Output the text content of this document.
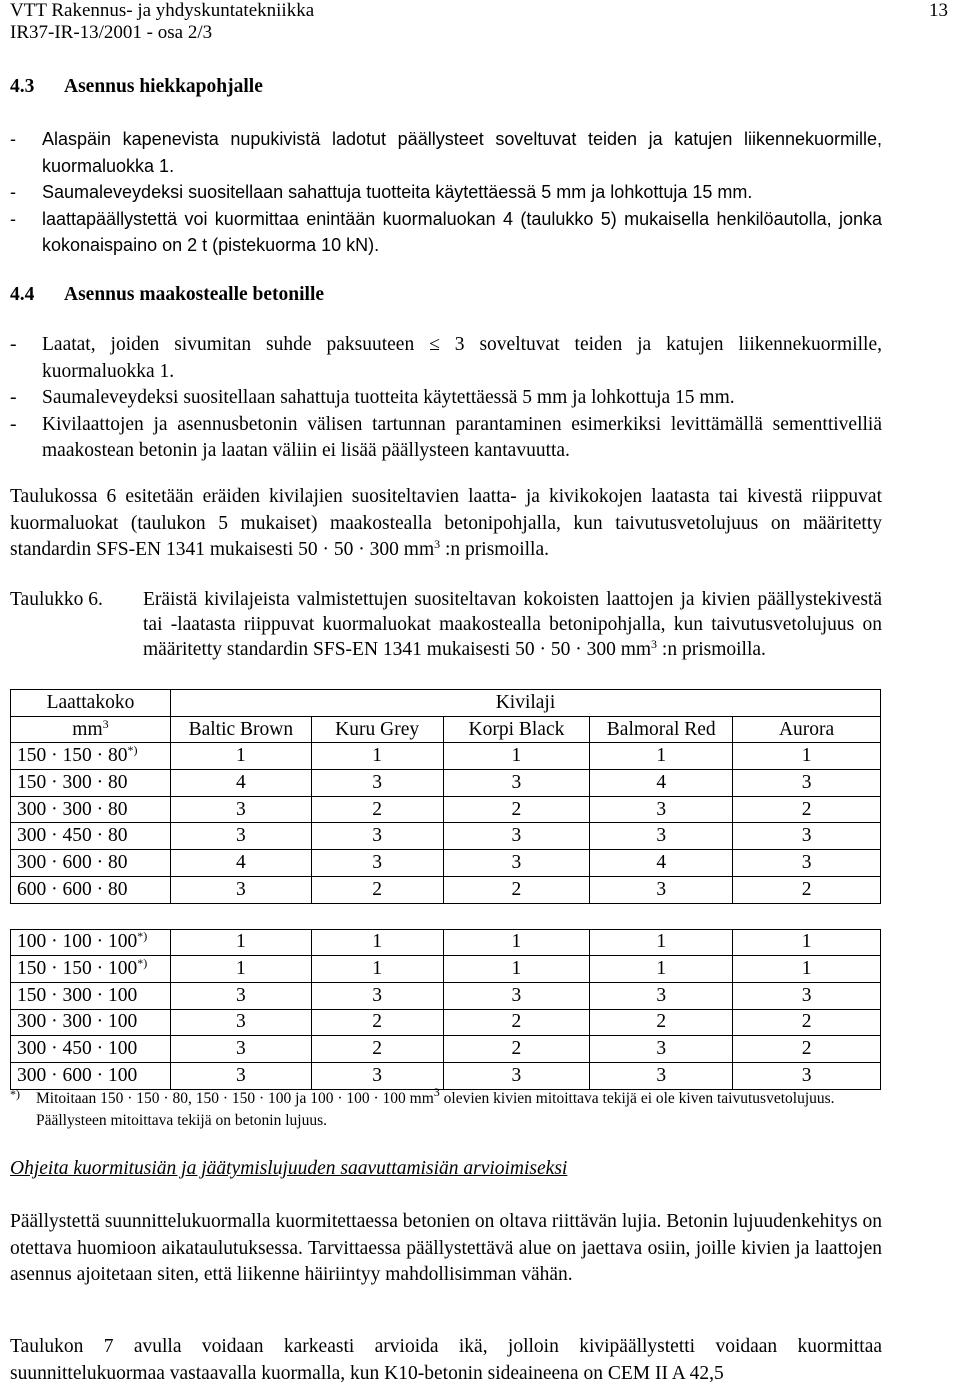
VTT Rakennus- ja yhdyskuntatekniikka
IR37-IR-13/2001 - osa 2/3
13
4.3 Asennus hiekkapohjalle
- Alaspäin kapenevista nupukivistä ladotut päällysteet soveltuvat teiden ja katujen liikennekuormille, kuormaluokka 1.
- Saumaleveydeksi suositellaan sahattuja tuotteita käytettäessä 5 mm ja lohkottuja 15 mm.
- laattapäällystettä voi kuormittaa enintään kuormaluokan 4 (taulukko 5) mukaisella henkilöautolla, jonka kokonaispaino on 2 t (pistekuorma 10 kN).
4.4 Asennus maakostealle betonille
- Laatat, joiden sivumitan suhde paksuuteen ≤ 3 soveltuvat teiden ja katujen liikennekuormille, kuormaluokka 1.
- Saumaleveydeksi suositellaan sahattuja tuotteita käytettäessä 5 mm ja lohkottuja 15 mm.
- Kivilaattojen ja asennusbetonin välisen tartunnan parantaminen esimerkiksi levittämällä sementtivelliä maakostean betonin ja laatan väliin ei lisää päällysteen kantavuutta.
Taulukossa 6 esitetään eräiden kivilajien suositeltavien laatta- ja kivikokojen laatasta tai kivestä riippuvat kuormaluokat (taulukon 5 mukaiset) maakostealla betonipohjalla, kun taivutusvetolujuus on määritetty standardin SFS-EN 1341 mukaisesti 50 · 50 · 300 $mm^3$ :n prismoilla.
Taulukko 6. Eräistä kivilajeista valmistettujen suositeltavan kokoisten laattojen ja kivien päällystekivestä tai -laatasta riippuvat kuormaluokat maakostealla betonipohjalla, kun taivutusvetolujuus on määritetty standardin SFS-EN 1341 mukaisesti 50 · 50 · 300 $mm^3$ :n prismoilla.
Laattakoko	Kivilaji				
$mm^3$	Baltic Brown	Kuru Grey	Korpi Black	Balmoral Red	Aurora
150 · 150 · 80*)	1	1	1	1	1
150 · 300 · 80	4	3	3	4	3
300 · 300 · 80	3	2	2	3	2
300 · 450 · 80	3	3	3	3	3
300 · 600 · 80	4	3	3	4	3
600 · 600 · 80	3	2	2	3	2

100 · 100 · 100*)	1	1	1	1	1
150 · 150 · 100*)	1	1	1	1	1
150 · 300 · 100	3	3	3	3	3
300 · 300 · 100	3	2	2	2	2
300 · 450 · 100	3	2	2	3	2
300 · 600 · 100	3	3	3	3	3
*) Mitoitaan 150 · 150 · 80, 150 · 150 · 100 ja 100 · 100 · 100 $mm^3$ olevien kivien mitoittava tekijä ei ole kiven taivutusvetolujuus. Päällysteen mitoittava tekijä on betonin lujuus.
Ohjeita kuormitusiän ja jäätymislujuuden saavuttamisiän arvioimiseksi
Päällystettä suunnittelukuormalla kuormitettaessa betonien on oltava riittävän lujia. Betonin lujuudenkehitys on otettava huomioon aikataulutuksessa. Tarvittaessa päällystettävä alue on jaettava osiin, joille kivien ja laattojen asennus ajoitetaan siten, että liikenne häiriintyy mahdollisimman vähän.
Taulukon 7 avulla voidaan karkeasti arvioida ikä, jolloin kivipäällystetti voidaan kuormittaa suunnittelukuormaa vastaavalla kuormalla, kun K10-betonin sideaineena on CEM II A 42,5
